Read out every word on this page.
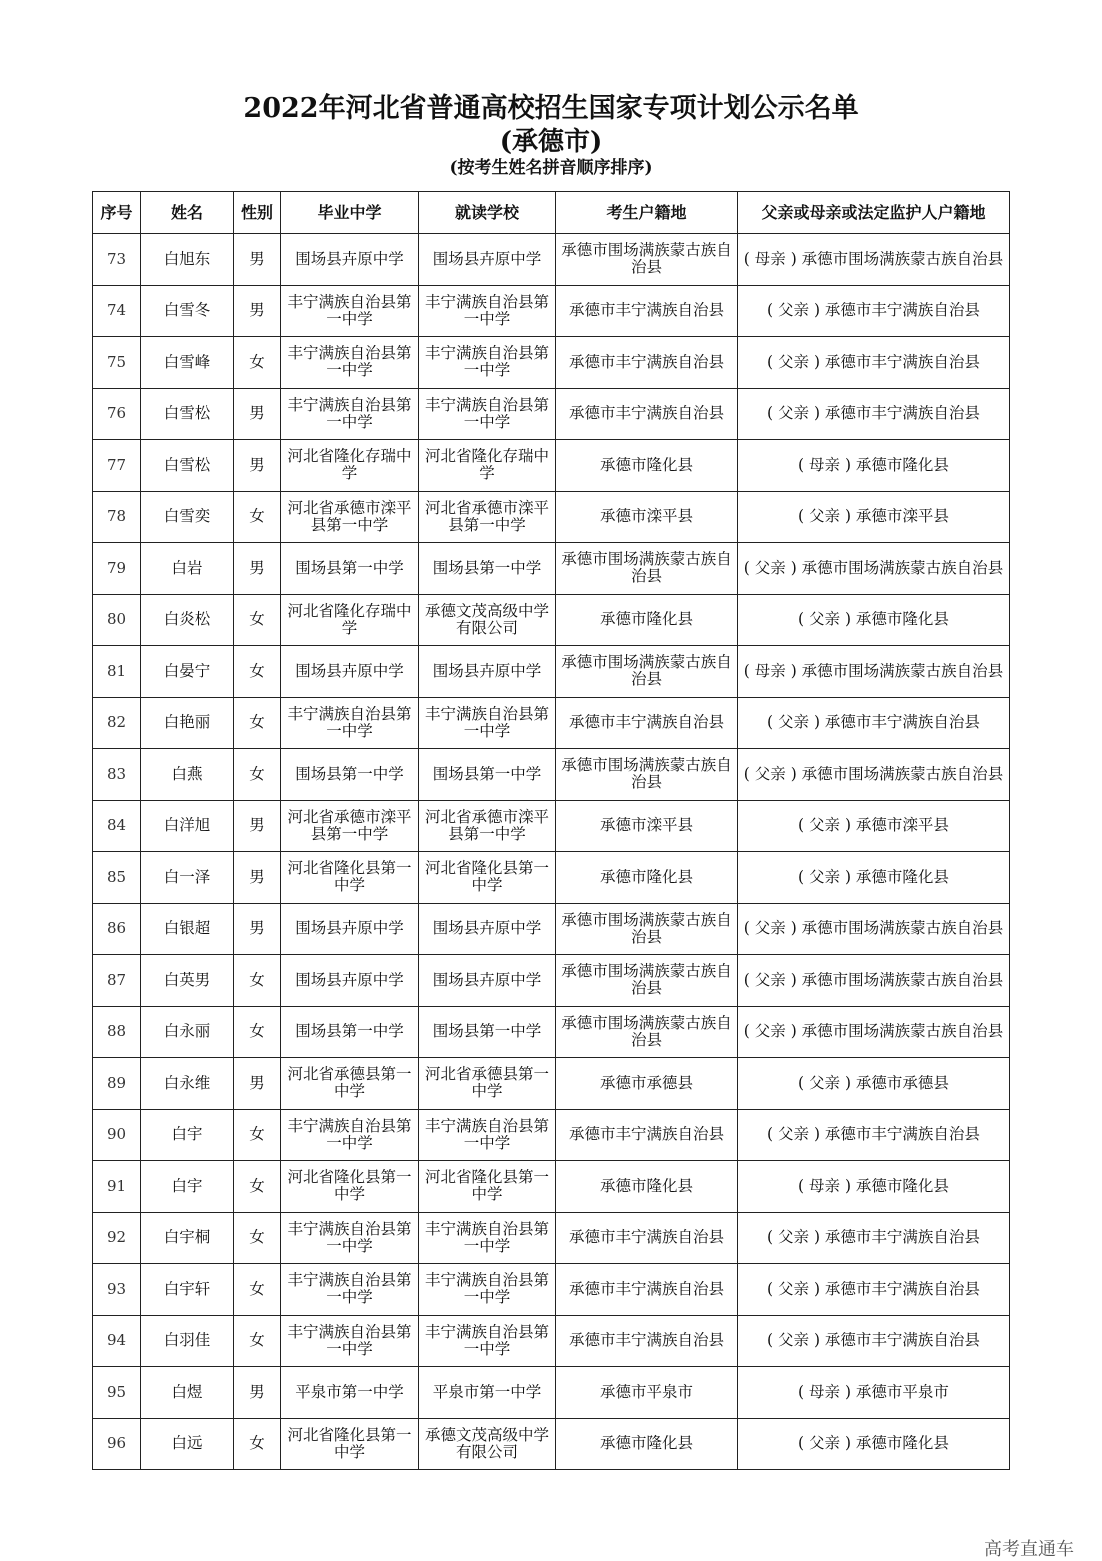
2022年河北省普通高校招生国家专项计划公示名单
(承德市)
(按考生姓名拼音顺序排序)
序号	姓名	性别	毕业中学	就读学校	考生户籍地	父亲或母亲或法定监护人户籍地
73	白旭东	男	围场县卉原中学	围场县卉原中学	承德市围场满族蒙古族自治县	( 母亲 ) 承德市围场满族蒙古族自治县
74	白雪冬	男	丰宁满族自治县第一中学	丰宁满族自治县第一中学	承德市丰宁满族自治县	( 父亲 ) 承德市丰宁满族自治县
75	白雪峰	女	丰宁满族自治县第一中学	丰宁满族自治县第一中学	承德市丰宁满族自治县	( 父亲 ) 承德市丰宁满族自治县
76	白雪松	男	丰宁满族自治县第一中学	丰宁满族自治县第一中学	承德市丰宁满族自治县	( 父亲 ) 承德市丰宁满族自治县
77	白雪松	男	河北省隆化存瑞中学	河北省隆化存瑞中学	承德市隆化县	( 母亲 ) 承德市隆化县
78	白雪奕	女	河北省承德市滦平县第一中学	河北省承德市滦平县第一中学	承德市滦平县	( 父亲 ) 承德市滦平县
79	白岩	男	围场县第一中学	围场县第一中学	承德市围场满族蒙古族自治县	( 父亲 ) 承德市围场满族蒙古族自治县
80	白炎松	女	河北省隆化存瑞中学	承德文茂高级中学有限公司	承德市隆化县	( 父亲 ) 承德市隆化县
81	白晏宁	女	围场县卉原中学	围场县卉原中学	承德市围场满族蒙古族自治县	( 母亲 ) 承德市围场满族蒙古族自治县
82	白艳丽	女	丰宁满族自治县第一中学	丰宁满族自治县第一中学	承德市丰宁满族自治县	( 父亲 ) 承德市丰宁满族自治县
83	白燕	女	围场县第一中学	围场县第一中学	承德市围场满族蒙古族自治县	( 父亲 ) 承德市围场满族蒙古族自治县
84	白洋旭	男	河北省承德市滦平县第一中学	河北省承德市滦平县第一中学	承德市滦平县	( 父亲 ) 承德市滦平县
85	白一泽	男	河北省隆化县第一中学	河北省隆化县第一中学	承德市隆化县	( 父亲 ) 承德市隆化县
86	白银超	男	围场县卉原中学	围场县卉原中学	承德市围场满族蒙古族自治县	( 父亲 ) 承德市围场满族蒙古族自治县
87	白英男	女	围场县卉原中学	围场县卉原中学	承德市围场满族蒙古族自治县	( 父亲 ) 承德市围场满族蒙古族自治县
88	白永丽	女	围场县第一中学	围场县第一中学	承德市围场满族蒙古族自治县	( 父亲 ) 承德市围场满族蒙古族自治县
89	白永维	男	河北省承德县第一中学	河北省承德县第一中学	承德市承德县	( 父亲 ) 承德市承德县
90	白宇	女	丰宁满族自治县第一中学	丰宁满族自治县第一中学	承德市丰宁满族自治县	( 父亲 ) 承德市丰宁满族自治县
91	白宇	女	河北省隆化县第一中学	河北省隆化县第一中学	承德市隆化县	( 母亲 ) 承德市隆化县
92	白宇桐	女	丰宁满族自治县第一中学	丰宁满族自治县第一中学	承德市丰宁满族自治县	( 父亲 ) 承德市丰宁满族自治县
93	白宇轩	女	丰宁满族自治县第一中学	丰宁满族自治县第一中学	承德市丰宁满族自治县	( 父亲 ) 承德市丰宁满族自治县
94	白羽佳	女	丰宁满族自治县第一中学	丰宁满族自治县第一中学	承德市丰宁满族自治县	( 父亲 ) 承德市丰宁满族自治县
95	白煜	男	平泉市第一中学	平泉市第一中学	承德市平泉市	( 母亲 ) 承德市平泉市
96	白远	女	河北省隆化县第一中学	承德文茂高级中学有限公司	承德市隆化县	( 父亲 ) 承德市隆化县
高考直通车
